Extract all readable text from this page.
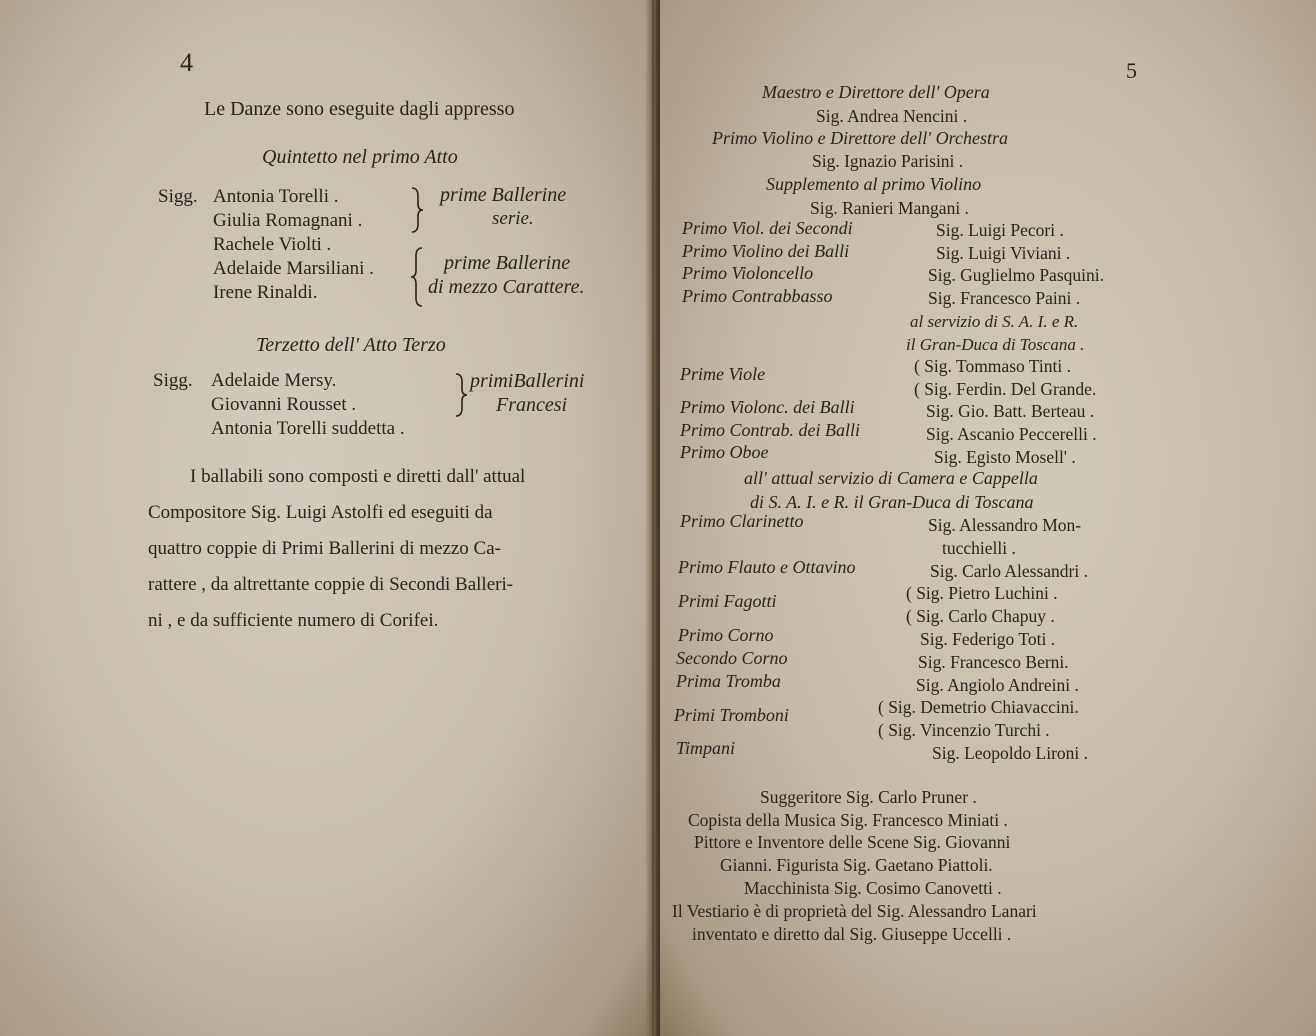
4
Le Danze sono eseguite dagli appresso
Quintetto nel primo Atto
Sigg. Antonia Torelli .
Giulia Romagnani .
Rachele Violti .
Adelaide Marsiliani .
Irene Rinaldi.
prime Ballerine
serie.
prime Ballerine
di mezzo Carattere.
Terzetto dell' Atto Terzo
Sigg. Adelaide Mersy.
Giovanni Rousset .
Antonia Torelli suddetta .
primiBallerini
Francesi
I ballabili sono composti e diretti dall' attual
Compositore Sig. Luigi Astolfi ed eseguiti da
quattro coppie di Primi Ballerini di mezzo Ca-
rattere , da altrettante coppie di Secondi Balleri-
ni , e da sufficiente numero di Corifei.
5
Maestro e Direttore dell' Opera
Sig. Andrea Nencini .
Primo Violino e Direttore dell' Orchestra
Sig. Ignazio Parisini .
Supplemento al primo Violino
Sig. Ranieri Mangani .
Primo Viol. dei Secondi	Sig. Luigi Pecori .
Primo Violino dei Balli	Sig. Luigi Viviani .
Primo Violoncello	Sig. Guglielmo Pasquini.
Primo Contrabbasso	Sig. Francesco Paini .
al servizio di S. A. I. e R.
il Gran-Duca di Toscana .
Prime Viole	( Sig. Tommaso Tinti .
( Sig. Ferdin. Del Grande.
Primo Violonc. dei Balli	Sig. Gio. Batt. Berteau .
Primo Contrab. dei Balli	Sig. Ascanio Peccerelli .
Primo Oboe	Sig. Egisto Mosell' .
all' attual servizio di Camera e Cappella
di S. A. I. e R. il Gran-Duca di Toscana
Primo Clarinetto	Sig. Alessandro Mon-
tucchielli .
Primo Flauto e Ottavino	Sig. Carlo Alessandri .
Primi Fagotti	( Sig. Pietro Luchini .
( Sig. Carlo Chapuy .
Primo Corno	Sig. Federigo Toti .
Secondo Corno	Sig. Francesco Berni.
Prima Tromba	Sig. Angiolo Andreini .
Primi Tromboni	( Sig. Demetrio Chiavaccini.
( Sig. Vincenzio Turchi .
Timpani	Sig. Leopoldo Lironi .
Suggeritore Sig. Carlo Pruner .
Copista della Musica Sig. Francesco Miniati .
Pittore e Inventore delle Scene Sig. Giovanni
Gianni. Figurista Sig. Gaetano Piattoli.
Macchinista Sig. Cosimo Canovetti .
Il Vestiario è di proprietà del Sig. Alessandro Lanari
inventato e diretto dal Sig. Giuseppe Uccelli .
